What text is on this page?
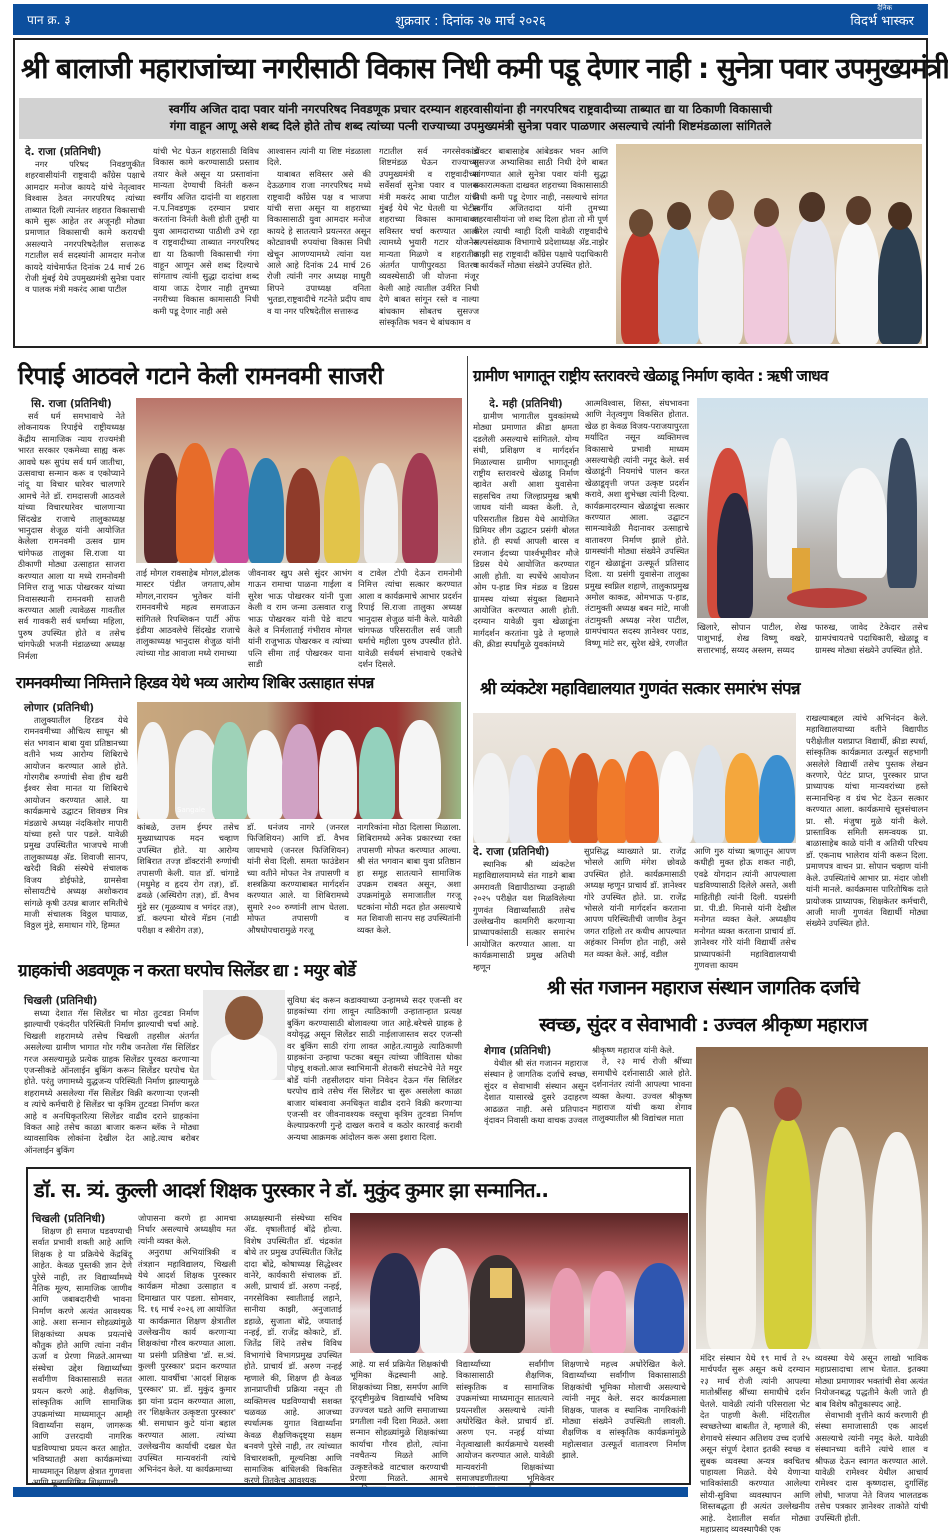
पान क्र. ३	शुक्रवार : दिनांक २७ मार्च २०२६
दैनिक
विदर्भ भास्कर
श्री बालाजी महाराजांच्या नगरीसाठी विकास निधी कमी पडू देणार नाही : सुनेत्रा पवार उपमुख्यमंत्री
स्वर्गीय अजित दादा पवार यांनी नगरपरिषद निवडणूक प्रचार दरम्यान शहरवासीयांना ही नगरपरिषद राष्ट्रवादीच्या ताब्यात द्या या ठिकाणी विकासाची
गंगा वाहून आणू असे शब्द दिले होते तोच शब्द त्यांच्या पत्नी राज्याच्या उपमुख्यमंत्री सुनेत्रा पवार पाळणार असल्याचे त्यांनी शिष्टमंडळाला सांगितले
दे. राजा (प्रतिनिधी)

नगर परिषद निवडणुकीत शहरवासीयांनी राष्ट्रवादी काँग्रेस पक्षाचे आमदार मनोज कायदे यांचे नेतृत्वावर विश्वास ठेवत नगरपरिषद त्यांच्या ताब्यात दिली त्यानंतर शहरात विकासाची कामे सुरू आहेत तर अजूनही मोठ्या प्रमाणात विकासाची कामे करायची असल्याने नगरपरिषदेतील सत्तारूढ गटातील सर्व सदस्यांनी आमदार मनोज कायदे यांचेमार्फत दिनांक 24 मार्च 26 रोजी मुंबई येथे उपमुख्यमंत्री सुनेत्रा पवार व पालक मंत्री मकरंद आबा पाटील

यांची भेट घेऊन शहरासाठी विविध विकास कामे करण्यासाठी प्रस्ताव तयार केले असून या प्रस्तावांना मान्यता देण्याची विनंती करून स्वर्गीय अजित दादांनी या शहराला न.प.निवडणूक दरम्यान प्रचार करतांना विनंती केली होती तुम्ही या युवा आमदाराच्या पाठीशी उभे रहा व राष्ट्रवादीच्या ताब्यात नगरपरिषद द्या या ठिकाणी विकासाची गंगा वाहून आणून असे शब्द दिल्याचे सांगताच त्यांनी सुद्धा दादांचा शब्द वाया जाऊ देणार नाही तुमच्या नगरीच्या विकास कामासाठी निधी कमी पडू देणार नाही असे

आश्वासन त्यांनी या शिष्ट मंडळाला दिले.

याबाबत सविस्तर असे की देऊळगाव राजा नगरपरिषद मध्ये राष्ट्रवादी काँग्रेस पक्ष व भाजपा यांची सत्ता असून या शहराच्या विकासासाठी युवा आमदार मनोज कायदे हे सातत्याने प्रयत्नरत असून कोट्यावधी रुपयांचा विकास निधी खेचून आणण्यामध्ये त्यांना यश आले आहे दिनांक 24 मार्च 26 रोजी त्यांनी नगर अध्यक्ष माधुरी शिपने उपाध्यक्ष वनिता भुतडा,राष्ट्रवादीचे गटनेते प्रदीप वाघ व या नगर परिषदेतील सत्तारूढ

गटातील सर्व नगरसेवकांचे शिष्टमंडळ घेऊन राज्याच्या उपमुख्यमंत्री व राष्ट्रवादीच्या सर्वेसर्वा सुनेत्रा पवार व पालक मंत्री मकरंद आबा पाटील यांची मुंबई येथे भेट घेतली या भेटीत शहराच्या विकास कामाबाबत सविस्तर चर्चा करण्यात आली त्यामध्ये भुयारी गटार योजनेस मान्यता मिळणे व शहरातील अंतर्गत पाणीपुरवठा वितरण व्यवस्थेसाठी जी योजना मंजूर केली आहे त्यातील उर्वरित निधी देणे बाबत सांगून रस्ते व नाल्या बांधकाम सोबतच सुसज्ज सांस्कृतिक भवन चे बांधकाम व

डॉक्टर बाबासाहेब आंबेडकर भवन आणि सुसज्ज अभ्यासिका साठी निधी देणे बाबत सांगण्यात आले सुनेत्रा पवार यांनी सुद्धा सकारात्मकता दाखवत शहराच्या विकासासाठी निधी कमी पडू देणार नाही, नसल्याचे सांगत स्वर्गीय अजितदादा यांनी तुमच्या शहरवासीयांना जो शब्द दिला होता तो मी पूर्ण करेल त्याची ग्वाही दिली यावेळी राष्ट्रवादीचे अल्पसंख्याक विभागाचे प्रदेशाध्यक्ष अ‍ॅड.नाझेर काझी सह राष्ट्रवादी काँग्रेस पक्षाचे पदाधिकारी व कार्यकर्ते मोठ्या संख्येने उपस्थित होते.

रिपाई आठवले गटाने केली रामनवमी साजरी
सि. राजा (प्रतिनिधी)

सर्व धर्म समभावाचे नेते लोकनायक रिपाईचे राष्ट्रीयध्यक्ष केंद्रीय सामाजिक न्याय राज्यमंत्री भारत सरकार एकमेव्या साह्य करू आवघे धरू सुपंथ सर्व धर्म जातीचा, उत्सवाचा सन्मान करू व एकोप्याने नांदू या विचार धारेवर चालणारे आमचे नेते डॉ. रामदासजी आठवले यांच्या विचारधारेवर चालणाऱ्या सिंदखेड राजाचे तालुकाध्यक्ष भानुदास शेजूळ यांनी आयोजित केलेला रामनवमी उत्सव ग्राम चांगेफळ तालुका सि.राजा या ठीकाणी मोठ्या उत्साहात साजरा करण्यात आला या मध्ये रामनोवमी निमित्त राजु भाऊ पोखरकर यांच्या निवासस्थानी रामनवमी साजरी करण्यात आली त्यावेळस गावतील सर्व गावकरी सर्व धर्माच्या महिला, पुरुष उपस्थित होते व तसेच चांगफेळी भजनी मंडाळच्या अध्यक्ष निर्मला

ताई मोगल रावसाहेब मोगल,ढोलक मास्टर पंडीत जगताप,ओम मोगल,नारायन भुतेकर यांनी रामनवमीचे महत्व समजाऊन सांगितले रिपब्लिकन पार्टी ऑफ इंडीया आठवलेचे सिंदखेड राजाचे तालुकाध्यक्ष भानुदास शेजुळ यांनी त्यांच्या गोड आवाजा मध्ये रामाच्या

जीवनावर खुप असे सुंदर आभंग गाऊन रामाचा पाळना गाईला व सुरेश भाऊ पोखरकर यांनी पुजा केली व राम जन्मा उत्सवात राजु भाऊ पोखरकर यांनी पेडे वाटप केले व निर्मलाताई गंभीराव मोगल यांनी राजुभाऊ पोखरकर व त्यांच्या पत्नि सीमा ताई पोखरकर याना साडी

व टावेल टोपी देऊन रामनोमी निमित्त त्यांचा सत्कार करण्यात आला व कार्यक्रमाचे आभार प्रदर्शन रिपाई सि.राजा तालुका अध्यक्ष भानुदास शेजुळ यांनी केले. यावेळी चांगफळ परिसरातील सर्व जाती धर्माचे महीला पुरुष उपस्थीत होते. यावेळी सर्वधर्म संभावाचे एकतेचे दर्शन दिसले.

ग्रामीण भागातून राष्ट्रीय स्तरावरचे खेळाडू निर्माण व्हावेत : ऋषी जाधव
दे. मही (प्रतिनिधी)

ग्रामीण भागातील युवकांमध्ये मोठ्या प्रमाणात क्रीडा क्षमता दडलेली असल्याचे सांगितले. योग्य संधी, प्रशिक्षण व मार्गदर्शन मिळाल्यास ग्रामीण भागातूनही राष्ट्रीय स्तरावरचे खेळाडू निर्माण व्हावेत अशी आशा युवासेना सहसचिव तथा जिल्हाप्रमुख ऋषी जाधव यांनी व्यक्त केली. ते, परिसरातील डिग्रस येथे आयोजित प्रिमियर लीग उद्घाटन प्रसंगी बोलत होते. ही स्पर्धा आपली बारस व रमजान ईदच्या पार्श्वभूमीवर मौजे डिग्रस येथे आयोजित करण्यात आली होती. या स्पर्धेचे आयोजन ओम प-हाड मित्र मंडळ व डिग्रस ग्रामस्थ यांच्या संयुक्त विद्यमाने आयोजित करण्यात आली होती. दरम्यान यावेळी युवा खेळाडूंना मार्गदर्शन करतांना पुढे ते म्हणाले की, क्रीडा स्पर्धांमुळे युवकांमध्ये

आत्मविश्वास, शिस्त, संघभावना आणि नेतृत्वगुण विकसित होतात. खेळ हा केवळ विजय-पराजयापुरता मर्यादित नसून व्यक्तिमत्त्व विकासाचे प्रभावी माध्यम असल्याचेही त्यांनी नमूद केले. सर्व खेळाडूंनी नियमांचे पालन करत खेळाडूवृत्ती जपत उत्कृष्ट प्रदर्शन करावे, अशा शुभेच्छा त्यांनी दिल्या. कार्यक्रमादरम्यान खेळाडूंचा सत्कार करण्यात आला. उद्घाटन सामन्यावेळी मैदानावर उत्साहाचे वातावरण निर्माण झाले होते. ग्रामस्थांनी मोठ्या संख्येने उपस्थित राहून खेळाडूंना उत्स्फूर्त प्रतिसाद दिला. या प्रसंगी युवासेना तालुका प्रमुख स्वप्निल शहाणे, तालुकाप्रमुख अमोल काकड, ओमभाऊ प-हाड, तंटामुक्ती अध्यक्ष बबन मांटे, माजी तंटामुक्ती अध्यक्ष नरेश पाटील, ग्रामपंचायत सदस्य ज्ञानेश्वर पराड, विष्णू मांटे सर, सुरेश खेत्रे, रणजीत

खिलारे, सोपान पाटील, शेख पाशुभाई, शेख विष्णू वखरे, सत्तारभाई, सय्यद अस्लम, सय्यद

फारुख, जावेद टेकेदार तसेच ग्रामपंचायतचे पदाधिकारी, खेळाडू व ग्रामस्थ मोठ्या संख्येने उपस्थित होते.

रामनवमीच्या निमित्ताने हिरडव येथे भव्य आरोग्य शिबिर उत्साहात संपन्न
लोणार (प्रतिनिधी)

तालुक्यातील हिरडव येथे रामनवमीच्या औचित्य साधून श्री संत भगवान बाबा युवा प्रतिष्ठानच्या वतीने भव्य आरोग्य शिबिराचे आयोजन करण्यात आले होते. गोरगरीब रुग्णांची सेवा हीच खरी ईश्वर सेवा मानत या शिबिराचे आयोजन करण्यात आले. या कार्यक्रमाचे उद्घाटन शिवछत्र मित्र मंडळाचे अध्यक्ष नंदकिशोर मापारी यांच्या हस्ते पार पडले. यावेळी प्रमुख उपस्थितीत भाजपचे माजी तालुकाध्यक्ष अ‍ॅड. शिवाजी सानप, खरेदी विक्री संस्थेचे संचालक विजय डोईफोडे, ग्रामसेवा सोसायटीचे अध्यक्ष अशोकराव सांगळे कृषी उत्पन्न बाजार समितीचे माजी संचालक विठ्ठल घायाळ, विठ्ठल मुंडे, समाधान गोरे, हिम्मत

Sangale

कांबळे, उत्तम ईम्पर तसेच मुख्याध्यापक मदन चव्हाण उपस्थित होते. या आरोग्य शिबिरात तज्ज्ञ डॉक्टरांनी रुग्णांची तपासणी केली. यात डॉ. चांगाडे (मधुमेह व हृदय रोग तज्ञ), डॉ. ढवळे (अस्थिरोग तज्ञ), डॉ. वैभव मुंडे सर (मूळव्याध व भगंदर तज्ञ), डॉ. कल्पना थोरवे मॅडम (नाडी परीक्षा व स्त्रीरोग तज्ञ),

डॉ. धनंजय नागरे (जनरल फिजिशियन) आणि डॉ. वैभव जायभाये (जनरल फिजिशियन) यांनी सेवा दिली. समता फाउंडेशन च्या वतीने मोफत नेत्र तपासणी व शस्त्रक्रिया करण्याबाबत मार्गदर्शन करण्यात आले. या शिबिरामध्ये सुमारे २०० रुग्णांनी लाभ घेतला. मोफत तपासणी व औषधोपचारामुळे गरजू

नागरिकांना मोठा दिलासा मिळाला. शिबिरामध्ये अनेक प्रकारच्या रक्त तपासणी मोफत करण्यात आल्या. श्री संत भगवान बाबा युवा प्रतिष्ठान हा समूह सातत्याने सामाजिक उपक्रम राबवत असून, अशा उपक्रमांमुळे समाजातील गरजू घटकांना मोठी मदत होत असल्याचे मत शिवाजी सानप सह उपस्थितांनी व्यक्त केले.

श्री व्यंकटेश महाविद्यालयात गुणवंत सत्कार समारंभ संपन्न
दे. राजा (प्रतिनिधी)

स्थानिक श्री व्यंकटेश महाविद्यालयामध्ये संत गाडगे बाबा अमरावती विद्यापीठाच्या उन्हाळी २०२५ परीक्षेत यश मिळविलेल्या गुणवंत विद्यार्थ्यांसाठी तसेच उल्लेखनीय कामगिरी करणाऱ्या प्राध्यापकांसाठी सत्कार समारंभ आयोजित करण्यात आला. या कार्यक्रमासाठी प्रमुख अतिथी म्हणून

सुप्रसिद्ध व्याख्याते प्रा. राजेंद्र भोसले आणि मंगेश छोवळे उपस्थित होते. कार्यक्रमासाठी अध्यक्ष म्हणून प्राचार्य डॉ. ज्ञानेश्वर गोरे उपस्थित होते. प्रा. राजेंद्र भोसले यांनी मार्गदर्शन करताना आपण परिस्थितीची जाणीव ठेवून जगत राहिलो तर कधीच आपल्यात अहंकार निर्माण होत नाही, असे मत व्यक्त केले. आई, वडील

आणि गुरु यांच्या ऋणातून आपण कधीही मुक्त होऊ शकत नाही, एवढे योगदान त्यांनी आपल्याला घडविण्यासाठी दिलेले असते, अशी माहितीही त्यांनी दिली. यप्रसंगी प्रा. पी.डी. मिनासे यांनी देखील मनोगत व्यक्त केले. अध्यक्षीय मनोगत व्यक्त करताना प्राचार्य डॉ. ज्ञानेश्वर गोरे यांनी विद्यार्थी तसेच प्राध्यापकांनी महाविद्यालयाची गुणवत्ता कायम

राखल्याबद्दल त्यांचे अभिनंदन केले. महाविद्यालयाच्या वतीने विद्यापीठ परीक्षेतील यशप्राप्त विद्यार्थी, क्रीडा स्पर्धा, सांस्कृतिक कार्यक्रमात उत्स्फूर्त सहभागी असलेले विद्यार्थी तसेच पुस्तक लेखन करणारे, पेटंट प्राप्त, पुरस्कार प्राप्त प्राध्यापक यांचा मान्यवरांच्या हस्ते सन्मानचिन्ह व ग्रंथ भेट देऊन सत्कार करण्यात आला. कार्यक्रमाचे सूत्रसंचालन प्रा. सौ. मंजुषा मुळे यांनी केले. प्रास्ताविक समिती समन्वयक प्रा. बाळासाहेब काळे यांनी व अतिथी परिचय डॉ. एकनाथ भालेराव यांनी करून दिला. प्रमाणपत्र वाचन प्रा. सोपान चव्हाण यांनी केले. उपस्थितांचे आभार प्रा. मंदार जोशी यांनी मानले. कार्यक्रमास पारितोषिक दाते प्रायोजक प्राध्यापक, शिक्षकेतर कर्मचारी, आजी माजी गुणवंत विद्यार्थी मोठ्या संख्येने उपस्थित होते.

ग्राहकांची अडवणूक न करता घरपोच सिलेंडर द्या : मयुर बोर्डे
चिखली (प्रतिनिधी)

सध्या देशात गॅस सिलेंडर चा मोठा तुटवडा निर्माण झाल्याची एकंदरीत परिस्थिती निर्माण झाल्याची चर्चा आहे. चिखली शहरामध्ये तसेच चिखली तहसील अंतर्गत असलेल्या ग्रामीण भागात गोर गरीब जनतेला गॅस सिलिंडर गरज असल्यामुळे प्रत्येक ग्राहक सिलेंडर पुरवठा करणाऱ्या एजन्सीकडे ऑनलाईन बुकिंग करून सिलेंडर घरपोच घेत होते. परंतु जगामध्ये युद्धजन्य परिस्थिती निर्माण झाल्यामुळे शहरामध्ये असलेल्या गॅस सिलेंडर विक्री करणाऱ्या एजन्सी व त्यांचे कर्मचारी हे सिलेंडर चा कृत्रिम तुटवडा निर्माण करत आहे व अनधिकृतरित्या सिलेंडर वाढीव दराने ग्राहकांना विकत आहे तसेच काळा बाजार करून ब्लॅक ने मोठ्या व्यावसायिक लोकांना देखील देत आहे.त्याच बरोबर ऑनलाईन बुकिंग

सुविधा बंद करून कडाक्याच्या उन्हामध्ये सदर एजन्सी वर ग्राहकांच्या रांगा लावून त्याठिकाणी उन्हातान्हात प्रत्यक्ष बुकिंग करण्यासाठी बोलावल्या जात आहे.बरेचसे ग्राहक हे वयोवृद्ध असून सिलेंडर साठी नाईलाजास्तव सदर एजन्सी वर बुकिंग साठी रांगा लावत आहेत.त्यामुळे त्याठिकाणी ग्राहकांना उन्हाचा फटका बसून त्यांच्या जीवितास धोका पोहचू शकतो.आज स्वाभिमानी शेतकरी संघटनेचे नेते मयुर बोर्डे यांनी तहसीलदार यांना निवेदन देऊन गॅस सिलिंडर घरपोच द्यावे तसेच गॅस सिलेंडर चा सुरू असलेला काळा बाजार थांबवावा अनधिकृत वाढीव दराने विक्री करणाऱ्या एजन्सी वर जीवनावश्यक वस्तूचा कृत्रिम तुटवडा निर्माण केल्याप्रकरणी गुन्हे दाखल करावे व कठोर कारवाई करावी अन्यथा आक्रमक आंदोलन करू असा इशारा दिला.

श्री संत गजानन महाराज संस्थान जागतिक दर्जाचे
स्वच्छ, सुंदर व सेवाभावी : उज्वल श्रीकृष्ण महाराज
शेगाव (प्रतिनिधी)

येथील श्री संत गजानन महाराज संस्थान हे जागतिक दर्जाचे स्वच्छ, सुंदर व सेवाभावी संस्थान असून देशात यासारखे दुसरे उदाहरण आढळत नाही. असे प्रतिपादन वृंदावन निवासी कथा वाचक उज्वल

श्रीकृष्ण महाराज यांनी केले.

ते, २३ मार्च रोजी श्रींच्या समाधीचे दर्शनासाठी आले होते. दर्शनानंतर त्यांनी आपल्या भावना व्यक्त केल्या. उज्वल श्रीकृष्ण महाराज यांची कथा शेगाव तालुक्यातील श्री विद्यांचल माता

मंदिर संस्थान येथे १९ मार्च ते २५ मार्चपर्यंत सुरू असून कथे दरम्यान २३ मार्च रोजी त्यांनी आपल्या मातोश्रींसह श्रींच्या समाधीचे दर्शन घेतले. यावेळी त्यांनी परिसराला भेट देत पाहणी केली. मंदिरातील स्वच्छतेच्या बाबतीत ते, म्हणाले की, शेगावचे संस्थान अतिशय उच्च दर्जाचे असून संपूर्ण देशात इतकी स्वच्छ व सुबक व्यवस्था अन्यत्र क्वचितच पाहायला मिळते. येथे येणाऱ्या भाविकांसाठी करण्यात आलेल्या सोयी-सुविधा व्यवस्थापन आणि शिस्तबद्धता ही अत्यंत उल्लेखनीय आहे. देशातील सर्वात मोठ्या महाप्रसाद व्यवस्थापैकी एक

व्यवस्था येथे असून लाखो भाविक महाप्रसादाचा लाभ घेतात. इतक्या मोठ्या प्रमाणावर भक्तांची सेवा अत्यंत नियोजनबद्ध पद्धतीने केली जाते ही बाब विशेष कौतुकास्पद आहे.

सेवाभावी वृत्तीने कार्य करणारी ही संस्था समाजासाठी एक आदर्श असल्याचे त्यांनी नमूद केले. यावेळी संस्थानच्या वतीने त्यांचे शाल व श्रीफळ देऊन स्वागत करण्यात आले. यावेळी रामेश्वर येथील आचार्य रामेश्वर दास कृष्णदास, दुर्गासिंह लोधी, भाजपा नेते विजय भालतडक तसेच पत्रकार ज्ञानेश्वर ताकोते यांची उपस्थिती होती.

डॉ. स. त्र्यं. कुल्ली आदर्श शिक्षक पुरस्कार ने डॉ. मुकुंद कुमार झा सन्मानित..
चिखली (प्रतिनिधी)

शिक्षण ही समाज घडवण्याची सर्वात प्रभावी शक्ती आहे आणि शिक्षक हे या प्रक्रियेचे केंद्रबिंदू आहेत. केवळ पुस्तकी ज्ञान देणे पुरेसे नाही, तर विद्यार्थ्यांमध्ये नैतिक मूल्य, सामाजिक जाणीव आणि जबाबदारीची भावना निर्माण करणे अत्यंत आवश्यक आहे. अशा सन्मान सोहळ्यांमुळे शिक्षकांच्या अथक प्रयत्नांचे कौतुक होते आणि त्यांना नवीन ऊर्जा व प्रेरणा मिळते.आमच्या संस्थेचा उद्देश विद्यार्थ्यांच्या सर्वांगीण विकासासाठी सतत प्रयत्न करणे आहे. शैक्षणिक, सांस्कृतिक आणि सामाजिक उपक्रमांच्या माध्यमातून आम्ही विद्यार्थ्यांना सक्षम, जागरूक आणि उत्तरदायी नागरिक घडविण्याचा प्रयत्न करत आहोत. भविष्यातही अशा कार्यक्रमांच्या माध्यमातून शिक्षण क्षेत्रात गुणवत्ता आणि मूल्याधिष्ठित शिक्षणाची

जोपासना करणे हा आमचा निर्धार असल्याचे अध्यक्षीय मत त्यांनी व्यक्त केले.

अनुराधा अभियांत्रिकी व तंत्रज्ञान महाविद्यालय, चिखली येथे आदर्श शिक्षक पुरस्कार कार्यक्रम मोठ्या उत्साहात व दिमाखात पार पडला. सोमवार, दि. १६ मार्च २०२६ ला आयोजित या कार्यक्रमात शिक्षण क्षेत्रातील उल्लेखनीय कार्य करणाऱ्या शिक्षकांचा गौरव करण्यात आला. या प्रसंगी प्रतिष्ठेचा 'डॉ. स.त्र्यं. कुल्ली पुरस्कार' प्रदान करण्यात आला. यावर्षीचा 'आदर्श शिक्षक पुरस्कार' प्रा. डॉ. मुकुंद कुमार झा यांना प्रदान करण्यात आला, तर 'शिक्षकेतर उत्कृष्टता पुरस्कार' श्री. समाधान कुटे यांना बहाल करण्यात आला. त्यांच्या उल्लेखनीय कार्याची दखल घेत उपस्थित मान्यवरांनी त्यांचे अभिनंदन केले. या कार्यक्रमाच्या

अध्यक्षस्थानी संस्थेच्या सचिव अ‍ॅड. वृषालीताई बोंद्रे होत्या. विशेष उपस्थितीत डॉ. चंद्रकांत बोथे तर प्रमुख उपस्थितीत जितेंद्र दादा बोंद्रे, कोषाध्यक्ष सिद्धेश्वर वानेरे, कार्यकारी संचालक डॉ. अली, प्राचार्य डॉ. अरुण नन्हई, नगरसेविका स्वातीताई लहाने, सानीया काझी, अनुजाताई डहाळे, सुजाता बोंद्रे, जयाताई नन्हई, डॉ. राजेंद्र कोकाटे, डॉ. जितेंद्र शिंदे तसेच विविध विभागांचे विभागप्रमुख उपस्थित होते. प्राचार्य डॉ. अरुण नन्हई म्हणाले की, शिक्षण ही केवळ ज्ञानप्राप्तीची प्रक्रिया नसून ती व्यक्तिमत्त्व घडविण्याची सशक्त चळवळ आहे. आजच्या स्पर्धात्मक युगात विद्यार्थ्यांना केवळ शैक्षणिकदृष्ट्या सक्षम बनवणे पुरेसे नाही, तर त्यांच्यात विचारशक्ती, मूल्यनिष्ठा आणि सामाजिक बांधिलकी विकसित करणे तितकेच आवश्यक

आहे. या सर्व प्रक्रियेत शिक्षकांची भूमिका केंद्रस्थानी आहे. शिक्षकांच्या निष्ठा, समर्पण आणि दूरदृष्टीमुळेच विद्यार्थ्यांचे भविष्य उज्ज्वल घडते आणि समाजाच्या प्रगतीला नवी दिशा मिळते. अशा सन्मान सोहळ्यांमुळे शिक्षकांच्या कार्याचा गौरव होतो, त्यांना नवचैतन्य मिळते आणि उत्कृष्टतेकडे वाटचाल करण्याची प्रेरणा मिळते. आमचे

विद्यार्थ्यांच्या सर्वांगीण विकासासाठी शैक्षणिक, सांस्कृतिक व सामाजिक उपक्रमांच्या माध्यमातून सातत्याने प्रयत्नशील असल्याचे त्यांनी अधोरेखित केले. प्राचार्य डॉ. अरुण एन. नन्हई यांच्या नेतृत्वाखाली कार्यक्रमाचे यशस्वी आयोजन करण्यात आले. यावेळी मान्यवरांनी शिक्षकांच्या समाजघडणीतल्या भूमिकेवर

शिक्षणाचे महत्त्व अधोरेखित केले. विद्यार्थ्यांच्या सर्वांगीण विकासासाठी शिक्षकांची भूमिका मोलाची असल्याचे त्यांनी नमूद केले. सदर कार्यक्रमाला शिक्षक, पालक व स्थानिक नागरिकांनी मोठ्या संख्येने उपस्थिती लावली. शैक्षणिक व सांस्कृतिक कार्यक्रमांमुळे महोत्सवात उत्स्फूर्त वातावरण निर्माण झाले.
